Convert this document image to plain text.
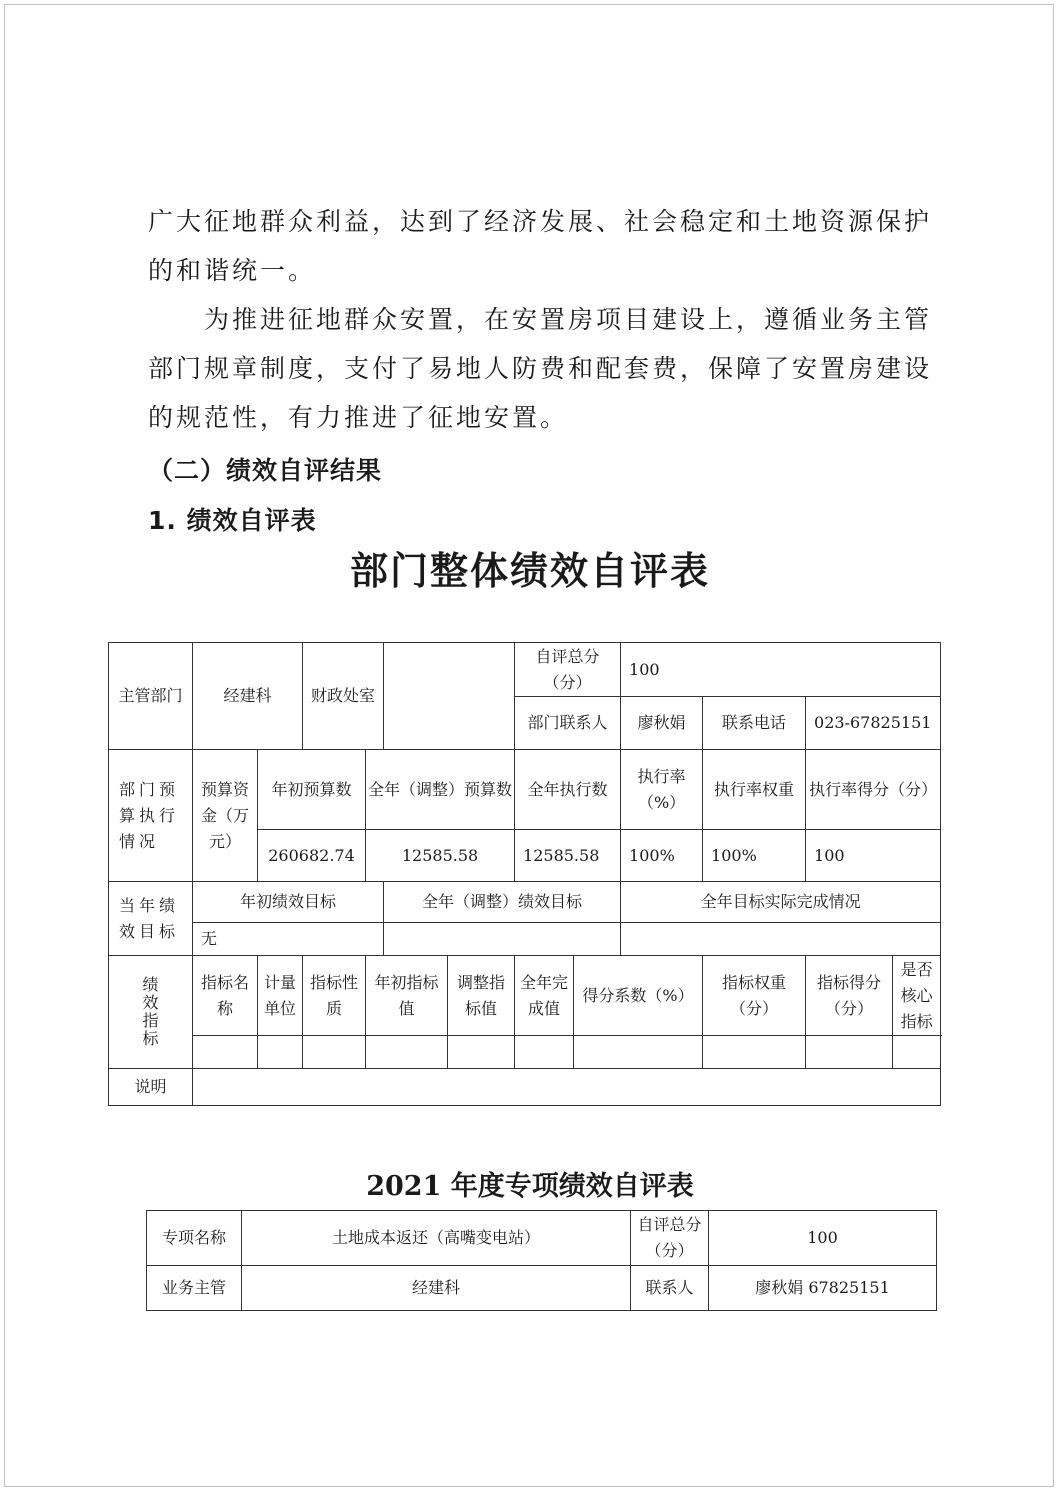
广大征地群众利益，达到了经济发展、社会稳定和土地资源保护的和谐统一。
为推进征地群众安置，在安置房项目建设上，遵循业务主管部门规章制度，支付了易地人防费和配套费，保障了安置房建设的规范性，有力推进了征地安置。
（二）绩效自评结果
1. 绩效自评表
部门整体绩效自评表
主管部门	经建科		财政处室				自评总分（分）		100			
							部门联系人		廖秋娟	联系电话	023-67825151	
部门预算执行情况	预算资金（万元）	年初预算数		全年（调整）预算数			全年执行数		执行率（%）	执行率权重	执行率得分（分）	
		260682.74		12585.58			12585.58		100%	100%	100	
当年绩效目标	年初绩效目标				全年（调整）绩效目标				全年目标实际完成情况			
	无											
绩效指标	指标名称	计量单位	指标性质	年初指标值		调整指标值	全年完成值	得分系数（%）		指标权重（分）	指标得分（分）	是否核心指标

说明												
2021 年度专项绩效自评表
专项名称	土地成本返还（高嘴变电站）	自评总分（分）	100
业务主管	经建科	联系人	廖秋娟 67825151
